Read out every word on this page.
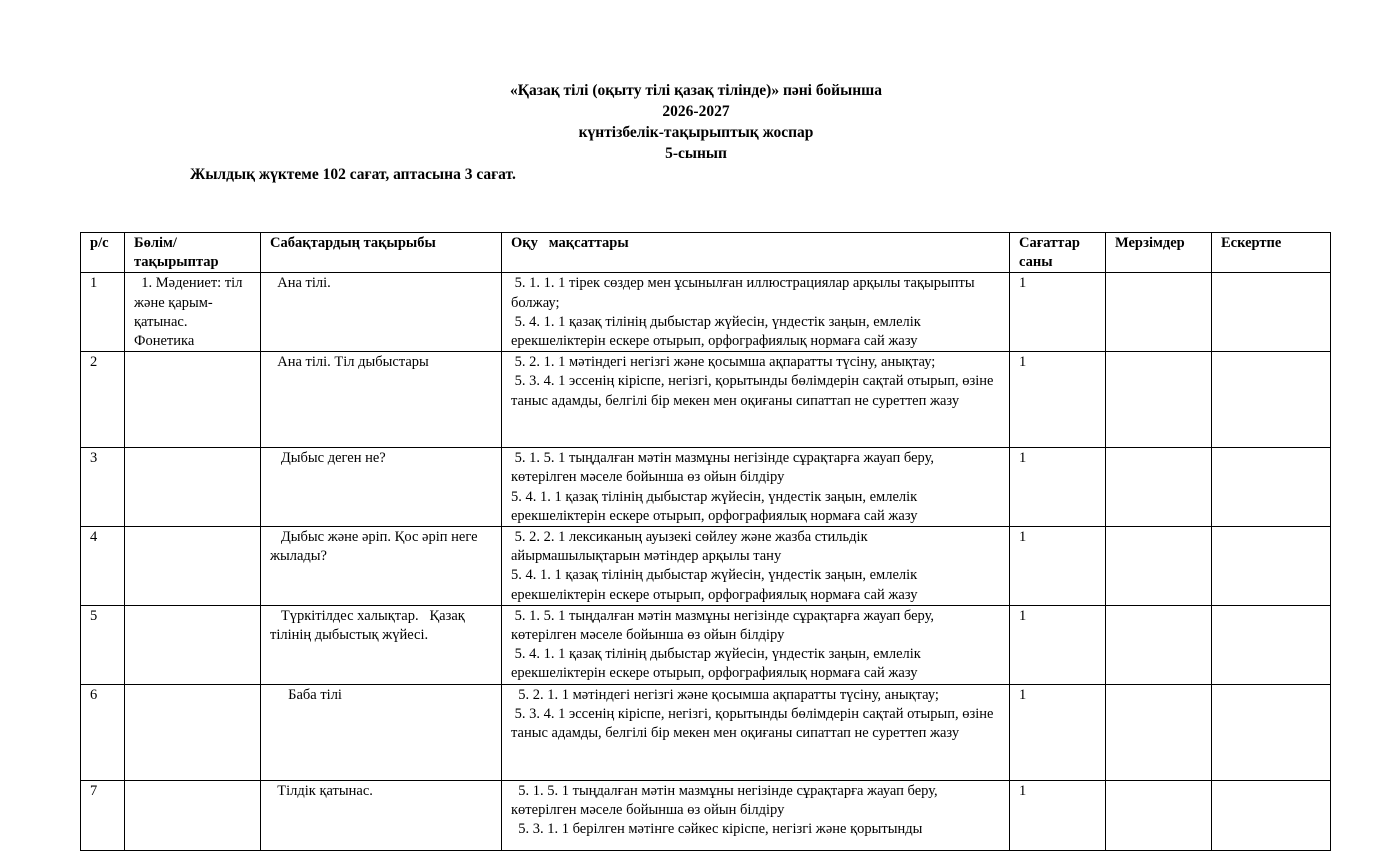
«Қазақ тілі (оқыту тілі қазақ тілінде)» пәні бойынша
2026-2027
күнтізбелік-тақырыптық жоспар
5-сынып
Жылдық жүктеме 102 сағат, аптасына 3 сағат.
р/с	Бөлім/ тақырыптар	Сабақтардың тақырыбы	Оқу   мақсаттары	Сағаттар саны	Мерзімдер	Ескертпе
1	1. Мәдениет: тіл және қарым-қатынас. Фонетика	Ана тілі.	5. 1. 1. 1 тірек сөздер мен ұсынылған иллюстрациялар арқылы тақырыпты болжау;
5. 4. 1. 1 қазақ тілінің дыбыстар жүйесін, үндестік заңын, емлелік ерекшеліктерін ескере отырып, орфографиялық нормаға сай жазу	1		
2		Ана тілі. Тіл дыбыстары	5. 2. 1. 1 мәтіндегі негізгі және қосымша ақпаратты түсіну, анықтау;
5. 3. 4. 1 эссенің кіріспе, негізгі, қорытынды бөлімдерін сақтай отырып, өзіне таныс адамды, белгілі бір мекен мен оқиғаны сипаттап не суреттеп жазу	1		
3		Дыбыс деген не?	5. 1. 5. 1 тыңдалған мәтін мазмұны негізінде сұрақтарға жауап беру, көтерілген мәселе бойынша өз ойын білдіру
5. 4. 1. 1 қазақ тілінің дыбыстар жүйесін, үндестік заңын, емлелік ерекшеліктерін ескере отырып, орфографиялық нормаға сай жазу	1		
4		Дыбыс және әріп. Қос әріп неге жылады?	5. 2. 2. 1 лексиканың ауызекі сөйлеу және жазба стильдік айырмашылықтарын мәтіндер арқылы тану
5. 4. 1. 1 қазақ тілінің дыбыстар жүйесін, үндестік заңын, емлелік ерекшеліктерін ескере отырып, орфографиялық нормаға сай жазу	1		
5		Түркітілдес халықтар.   Қазақ тілінің дыбыстық жүйесі.	5. 1. 5. 1 тыңдалған мәтін мазмұны негізінде сұрақтарға жауап беру, көтерілген мәселе бойынша өз ойын білдіру
5. 4. 1. 1 қазақ тілінің дыбыстар жүйесін, үндестік заңын, емлелік ерекшеліктерін ескере отырып, орфографиялық нормаға сай жазу	1		
6		Баба тілі	5. 2. 1. 1 мәтіндегі негізгі және қосымша ақпаратты түсіну, анықтау;
5. 3. 4. 1 эссенің кіріспе, негізгі, қорытынды бөлімдерін сақтай отырып, өзіне таныс адамды, белгілі бір мекен мен оқиғаны сипаттап не суреттеп жазу	1		
7		Тілдік қатынас.	5. 1. 5. 1 тыңдалған мәтін мазмұны негізінде сұрақтарға жауап беру, көтерілген мәселе бойынша өз ойын білдіру
5. 3. 1. 1 берілген мәтінге сәйкес кіріспе, негізгі және қорытынды	1		
